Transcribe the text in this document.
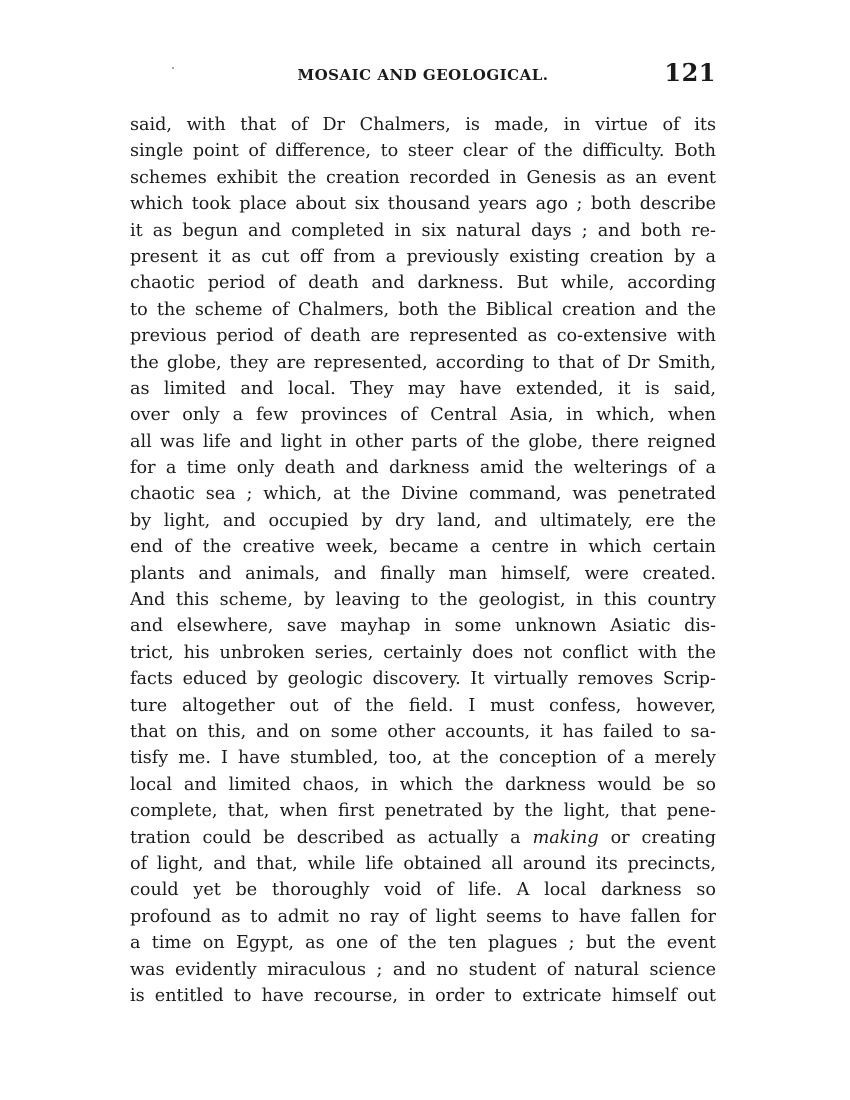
MOSAIC AND GEOLOGICAL.	121
said, with that of Dr Chalmers, is made, in virtue of its
single point of difference, to steer clear of the difficulty. Both
schemes exhibit the creation recorded in Genesis as an event
which took place about six thousand years ago ; both describe
it as begun and completed in six natural days ; and both re-
present it as cut off from a previously existing creation by a
chaotic period of death and darkness. But while, according
to the scheme of Chalmers, both the Biblical creation and the
previous period of death are represented as co-extensive with
the globe, they are represented, according to that of Dr Smith,
as limited and local. They may have extended, it is said,
over only a few provinces of Central Asia, in which, when
all was life and light in other parts of the globe, there reigned
for a time only death and darkness amid the welterings of a
chaotic sea ; which, at the Divine command, was penetrated
by light, and occupied by dry land, and ultimately, ere the
end of the creative week, became a centre in which certain
plants and animals, and finally man himself, were created.
And this scheme, by leaving to the geologist, in this country
and elsewhere, save mayhap in some unknown Asiatic dis-
trict, his unbroken series, certainly does not conflict with the
facts educed by geologic discovery. It virtually removes Scrip-
ture altogether out of the field. I must confess, however,
that on this, and on some other accounts, it has failed to sa-
tisfy me. I have stumbled, too, at the conception of a merely
local and limited chaos, in which the darkness would be so
complete, that, when first penetrated by the light, that pene-
tration could be described as actually a making or creating
of light, and that, while life obtained all around its precincts,
could yet be thoroughly void of life. A local darkness so
profound as to admit no ray of light seems to have fallen for
a time on Egypt, as one of the ten plagues ; but the event
was evidently miraculous ; and no student of natural science
is entitled to have recourse, in order to extricate himself out
